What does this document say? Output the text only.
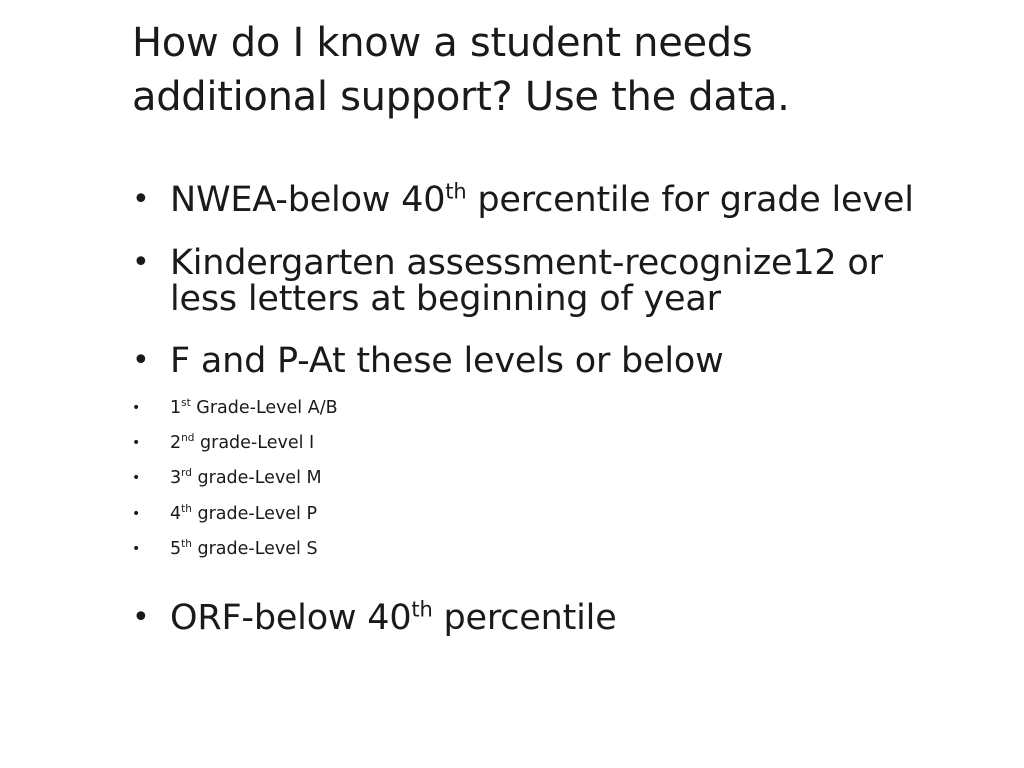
How do I know a student needs
additional support? Use the data.
• NWEA-below 40th percentile for grade level
• Kindergarten assessment-recognize12 or
less letters at beginning of year
• F and P-At these levels or below
• 1st Grade-Level A/B
• 2nd grade-Level I
• 3rd grade-Level M
• 4th grade-Level P
• 5th grade-Level S
• ORF-below 40th percentile
